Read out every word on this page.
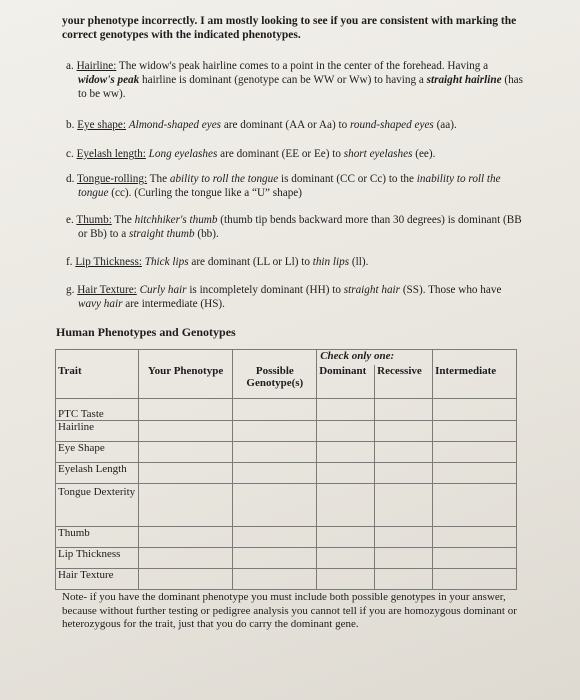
your phenotype incorrectly. I am mostly looking to see if you are consistent with marking the
correct genotypes with the indicated phenotypes.
a. Hairline: The widow's peak hairline comes to a point in the center of the forehead. Having a widow's peak hairline is dominant (genotype can be WW or Ww) to having a straight hairline (has to be ww).
b. Eye shape: Almond-shaped eyes are dominant (AA or Aa) to round-shaped eyes (aa).
c. Eyelash length: Long eyelashes are dominant (EE or Ee) to short eyelashes (ee).
d. Tongue-rolling: The ability to roll the tongue is dominant (CC or Cc) to the inability to roll the tongue (cc). (Curling the tongue like a “U” shape)
e. Thumb: The hitchhiker's thumb (thumb tip bends backward more than 30 degrees) is dominant (BB or Bb) to a straight thumb (bb).
f. Lip Thickness: Thick lips are dominant (LL or Ll) to thin lips (ll).
g. Hair Texture: Curly hair is incompletely dominant (HH) to straight hair (SS). Those who have wavy hair are intermediate (HS).
Human Phenotypes and Genotypes
			Check only one:		
Trait	Your Phenotype	Possible Genotype(s)	Dominant	Recessive	Intermediate
PTC Taste					
Hairline					
Eye Shape					
Eyelash Length					
Tongue Dexterity					
Thumb					
Lip Thickness					
Hair Texture					
Note- if you have the dominant phenotype you must include both possible genotypes in your answer, because without further testing or pedigree analysis you cannot tell if you are homozygous dominant or heterozygous for the trait, just that you do carry the dominant gene.
